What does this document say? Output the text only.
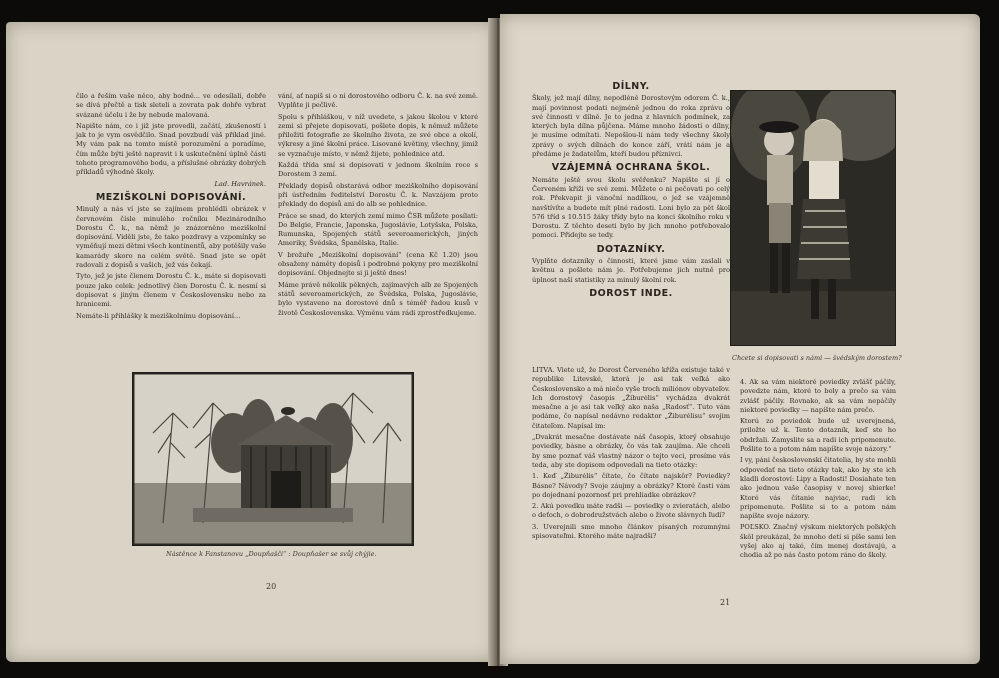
čilo a řeším vaše něco, aby bodně... ve odesílali, dobře se dívá přečtě a tisk sleteli a zovrata pak dobře vybrat svázané účelu i že by nebude malovaná.

Napište nám, co i již jste provedli, začátí, zkušeností i jak to je vym osvědčilo. Snad povzbudí váš příklad jiné. My vám pak na tomto místě porozumění a poradíme, čím může býti ještě napravit i k uskutečnění úplně části tohoto programového bodu, a příslušné obrázky dobrých příkladů výhodně školy.

Lad. Havránek.

MEZIŠKOLNÍ DOPISOVÁNÍ.

Minulý a nás ví jste se zajímem prohlédli obrázek v červnovém čísle minulého ročníku Mezinárodního Dorostu Č. k., na němž je znázorněno meziškolní dopisování. Viděli jste, že tako pozdravy a vzpomínky se vyměňují mezi dětmi všech kontinentů, aby potěšily vaše kamarády skoro na celém světě. Snad jste se opět radovali z dopisů s vašich, jež vás čekají.

Tyto, jež je jste členem Dorostu Č. k., máte si dopisovati pouze jako celek: jednotlivý člen Dorostu Č. k. nesmí si dopisovat s jiným členem v Československu nebo za hranicemi.

Nemáte-li přihlášky k meziškolnímu dopisování...

vání, ať napiš si o ní dorostového odboru Č. k. na své země. Vyplňte ji pečlivě.

Spolu s přihláškou, v níž uvedete, s jakou školou v které zemi si přejete dopisovati, pošlete dopis, k němuž můžete přiložiti fotografie ze školního života, ze své obce a okolí, výkresy a jiné školní práce. Lisované květiny, všechny, jimiž se vyznačuje místo, v němž žijete, pohlednice atd.

Každá třída smí si dopisovati v jednom školním roce s Dorostem 3 zemí.

Překlady dopisů obstarává odbor meziškolního dopisování při ústředním ředitelství Dorostu Č. k. Navzájem proto překlady do dopisů ani do alb se pohlednice.

Práce se snad, do kterých zemí mimo ČSR můžete posílati: Do Belgie, Francie, Japonska, Jugoslávie, Lotyšska, Polska, Rumunska, Spojených států severoamerických, jiných Ameriky, Švédska, Španělska, Italie.

V brožuře „Meziškolní dopisování“ (cena Kč 1.20) jsou obsaženy náměty dopisů i podrobné pokyny pro meziškolní dopisování. Objednejte si ji ještě dnes!

Máme právě několik pěkných, zajímavých alb ze Spojených států severoamerických, ze Švédska, Polska, Jugoslávie, bylo vystaveno na dorostové dnů s téměř řadou kusů v životě Československa. Výměnu vám rádi zprostředkujeme.

Nástěnce k Fanstanovu „Doupňašči“ : Doupňašer se svůj chýjie.
20
DÍLNY.

Školy, jež mají dílny, nepodléně Dorostovým odorem Č. k., mají povinnost podati nejméně jednou do roka zprávu o své činnosti v dílně. Je to jedna z hlavních podmínek, za kterých byla dílna půjčena. Máme mnoho žádostí o dílny, je musíme odmítati. Nepošlou-li nám tedy všechny školy zprávy o svých dílnách do konce září, vrátí nám je a předáme je žadatelům, kteří budou příznivci.

VZÁJEMNÁ OCHRANA ŠKOL.

Nemáte ještě svou školu svěřenku? Napište si jí o Červeném kříži ve své zemi. Můžete o ni pečovati po celý rok. Překvapit ji vánoční nadílkou, o jež se vzájemně navštívíte a budete mít plné radosti. Loni bylo za pět škol 576 tříd s 10.515 žáky třídy bylo na konci školního roku v Dorostu. Z těchto deseti bylo by jich mnoho potřebovalo pomoci. Přidejte se tedy.

DOTAZNÍKY.

Vyplňte dotazníky o činnosti, které jsme vám zaslali v květnu a pošlete nám je. Potřebujeme jich nutně pro úplnost naší statistiky za minulý školní rok.

DOROST INDE.
Chcete si dopisovati s námi — švédským dorostem?

LITVA. Viete už, že Dorost Červeného kříža existuje také v republike Litevské, ktorá je asi tak veľká ako Československo a má niečo vyše troch miliónov obyvateľov. Ich dorostový časopis „Žiburėlis“ vychádza dvakrát mesačne a je asi tak veľký ako naša „Radosť“. Tuto vám podáme, čo napísal nedávno redaktor „Žiburėlisu“ svojim čitateľom. Napísal im:

„Dvakrát mesačne dostávate náš časopis, ktorý obsahuje poviedky, básne a obrázky, čo vás tak zaujíma. Ale chceli by sme poznať váš vlastný názor o tejto veci, prosíme vás teda, aby ste dopisom odpovedali na tieto otázky:

1. Keď „Žiburėlis“ čítate, čo čítate najskôr? Poviedky? Básne? Návody? Svoje záujmy a obrázky? Ktoré časti vám po dojednaní pozornosť pri prehliadke obrázkov?

2. Akú povedku máte radši — poviedky o zvieratách, alebo o deťoch, o dobrodružstvách alebo o živote slávnych ľudí?

3. Uverejnili sme mnoho článkov písaných rozumnými spisovateľmi. Ktorého máte najradši?

4. Ak sa vám niektoré poviedky zvlášť páčily, povedzte nám, ktoré to boly a prečo sa vám zvlášť páčily. Rovnako, ak sa vám nepáčily niektoré poviedky — napíšte nám prečo.

Ktorú zo poviedok bude už uverejnená, priložte už k. Tento dotazník, keď ste ho obdržali. Zamyslite sa a radi ich pripomenute. Pošlite to a potom nám napíšte svoje názory.“

I vy, páni československí čitatelia, by ste mohli odpovedať na tieto otázky tak, ako by ste ich kladli dorostoví: Lipy a Radosti! Dosiahate ten ako jednou vaše časopisy v novej sbierke! Ktoré vás čítanie najviac, radi ich pripomenute. Pošlite si to a potom nám napíšte svoje názory.

POĽSKO. Značný výskum niektorých poľských škôl preukázal, že mnoho detí si píše sami len vyšej ako aj také, čím menej dostávajú, a chodia až po nás často potom ráno do školy.

21
